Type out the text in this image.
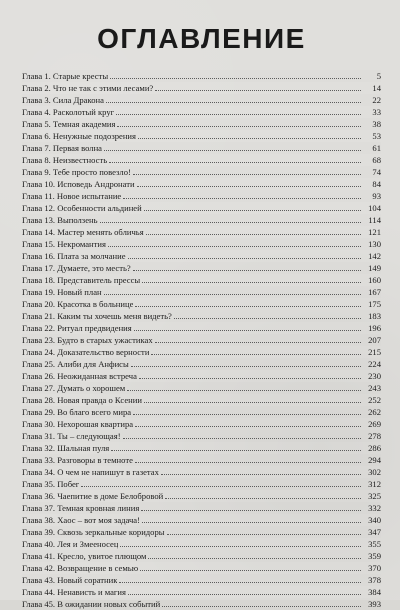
ОГЛАВЛЕНИЕ
Глава 1. Старые кресты	5
Глава 2. Что не так с этими лесами?	14
Глава 3. Сила Дракона	22
Глава 4. Расколотый круг	33
Глава 5. Темная академия	38
Глава 6. Ненужные подозрения	53
Глава 7. Первая волна	61
Глава 8. Неизвестность	68
Глава 9. Тебе просто повезло!	74
Глава 10. Исповедь Андронати	84
Глава 11. Новое испытание	93
Глава 12. Особенности альдиней	104
Глава 13. Выползень	114
Глава 14. Мастер менять обличья	121
Глава 15. Некромантия	130
Глава 16. Плата за молчание	142
Глава 17. Думаете, это месть?	149
Глава 18. Представитель прессы	160
Глава 19. Новый план	167
Глава 20. Красотка в больнице	175
Глава 21. Каким ты хочешь меня видеть?	183
Глава 22. Ритуал предвидения	196
Глава 23. Будто в старых ужастиках	207
Глава 24. Доказательство верности	215
Глава 25. Алиби для Анфисы	224
Глава 26. Неожиданная встреча	230
Глава 27. Думать о хорошем	243
Глава 28. Новая правда о Ксении	252
Глава 29. Во благо всего мира	262
Глава 30. Нехорошая квартира	269
Глава 31. Ты – следующая!	278
Глава 32. Шальная пуля	286
Глава 33. Разговоры в темноте	294
Глава 34. О чем не напишут в газетах	302
Глава 35. Побег	312
Глава 36. Чаепитие в доме Белобровой	325
Глава 37. Темная кровная линия	332
Глава 38. Хаос – вот моя задача!	340
Глава 39. Сквозь зеркальные коридоры	347
Глава 40. Лея и Змееносец	355
Глава 41. Кресло, увитое плющом	359
Глава 42. Возвращение в семью	370
Глава 43. Новый соратник	378
Глава 44. Ненависть и магия	384
Глава 45. В ожидании новых событий	393
